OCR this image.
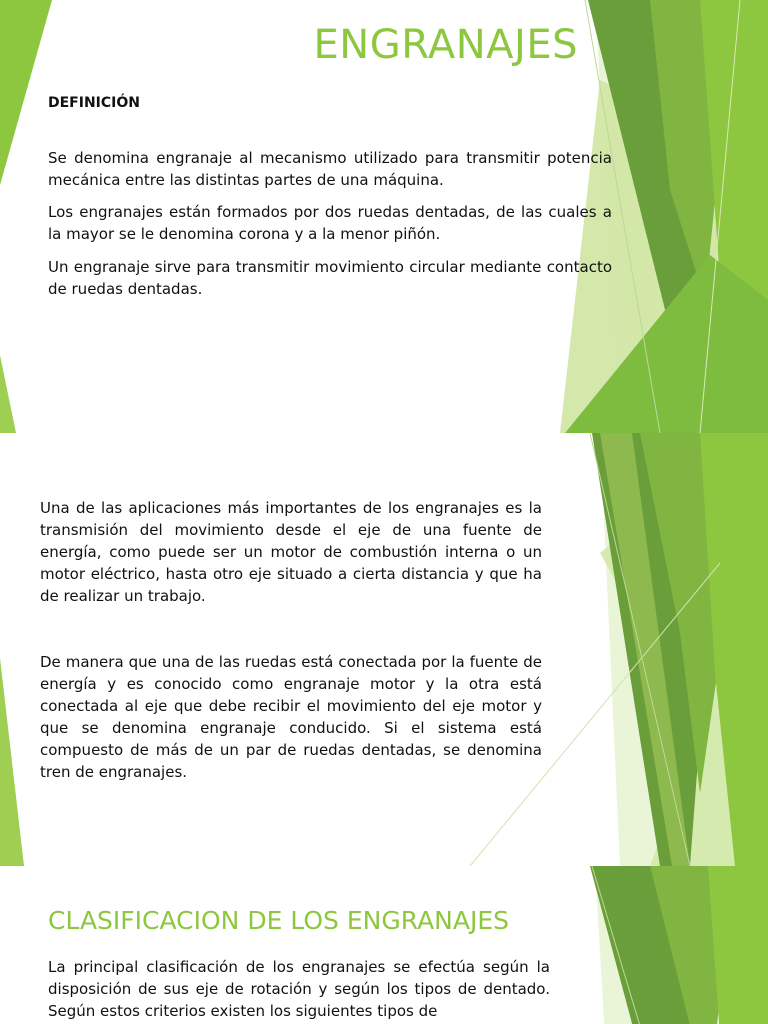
ENGRANAJES
DEFINICIÓN

Se denomina engranaje al mecanismo utilizado para transmitir potencia mecánica entre las distintas partes de una máquina.

Los engranajes están formados por dos ruedas dentadas, de las cuales a la mayor se le denomina corona y a la menor piñón.

Un engranaje sirve para transmitir movimiento circular mediante contacto de ruedas dentadas.

Una de las aplicaciones más importantes de los engranajes es la transmisión del movimiento desde el eje de una fuente de energía, como puede ser un motor de combustión interna o un motor eléctrico, hasta otro eje situado a cierta distancia y que ha de realizar un trabajo.

De manera que una de las ruedas está conectada por la fuente de energía y es conocido como engranaje motor y la otra está conectada al eje que debe recibir el movimiento del eje motor y que se denomina engranaje conducido. Si el sistema está compuesto de más de un par de ruedas dentadas, se denomina tren de engranajes.

CLASIFICACION DE LOS ENGRANAJES

La principal clasificación de los engranajes se efectúa según la disposición de sus eje de rotación y según los tipos de dentado. Según estos criterios existen los siguientes tipos de
